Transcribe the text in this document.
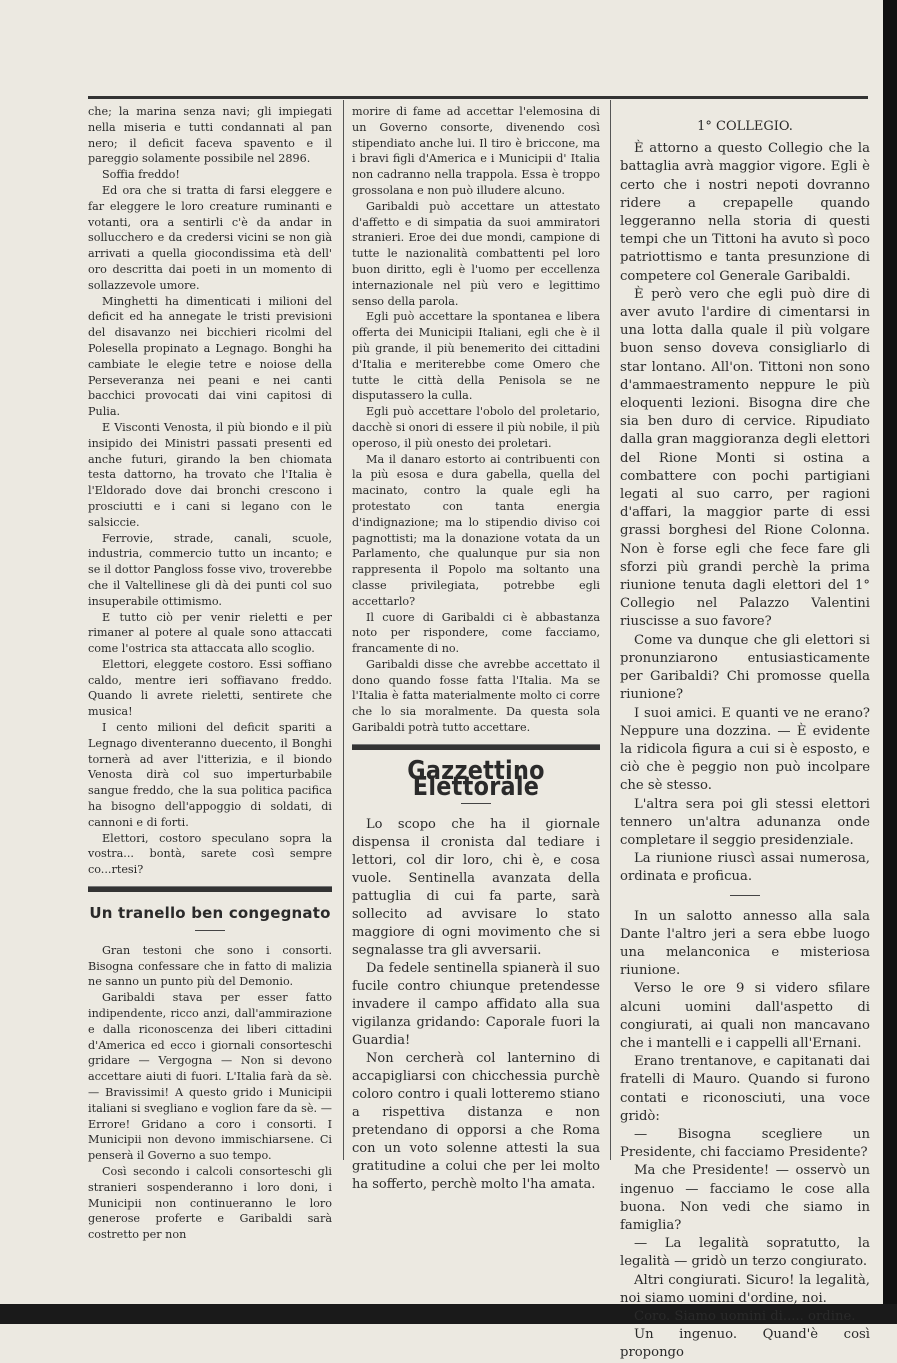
che; la marina senza navi; gli impiegati nella miseria e tutti condannati al pan nero; il deficit faceva spavento e il pareggio solamente possibile nel 2896.

Soffia freddo!

Ed ora che si tratta di farsi eleggere e far eleggere le loro creature ruminanti e votanti, ora a sentirli c'è da andar in sollucchero e da credersi vicini se non già arrivati a quella giocondissima età dell' oro descritta dai poeti in un momento di sollazzevole umore.

Minghetti ha dimenticati i milioni del deficit ed ha annegate le tristi previsioni del disavanzo nei bicchieri ricolmi del Polesella propinato a Legnago. Bonghi ha cambiate le elegie tetre e noiose della Perseveranza nei peani e nei canti bacchici provocati dai vini capitosi di Pulia.

E Visconti Venosta, il più biondo e il più insipido dei Ministri passati presenti ed anche futuri, girando la ben chiomata testa dattorno, ha trovato che l'Italia è l'Eldorado dove dai bronchi crescono i prosciutti e i cani si legano con le salsiccie.

Ferrovie, strade, canali, scuole, industria, commercio tutto un incanto; e se il dottor Pangloss fosse vivo, troverebbe che il Valtellinese gli dà dei punti col suo insuperabile ottimismo.

E tutto ciò per venir rieletti e per rimaner al potere al quale sono attaccati come l'ostrica sta attaccata allo scoglio.

Elettori, eleggete costoro. Essi soffiano caldo, mentre ieri soffiavano freddo. Quando li avrete rieletti, sentirete che musica!

I cento milioni del deficit spariti a Legnago diventeranno duecento, il Bonghi tornerà ad aver l'itterizia, e il biondo Venosta dirà col suo imperturbabile sangue freddo, che la sua politica pacifica ha bisogno dell'appoggio di soldati, di cannoni e di forti.

Elettori, costoro speculano sopra la vostra... bontà, sarete così sempre co...rtesi?

Un tranello ben congegnato

Gran testoni che sono i consorti. Bisogna confessare che in fatto di malizia ne sanno un punto più del Demonio.

Garibaldi stava per esser fatto indipendente, ricco anzi, dall'ammirazione e dalla riconoscenza dei liberi cittadini d'America ed ecco i giornali consorteschi gridare — Vergogna — Non si devono accettare aiuti di fuori. L'Italia farà da sè. — Bravissimi! A questo grido i Municipii italiani si svegliano e voglion fare da sè. — Errore! Gridano a coro i consorti. I Municipii non devono immischiarsene. Ci penserà il Governo a suo tempo.

Così secondo i calcoli consorteschi gli stranieri sospenderanno i loro doni, i Municipii non continueranno le loro generose proferte e Garibaldi sarà costretto per non

morire di fame ad accettar l'elemosina di un Governo consorte, divenendo così stipendiato anche lui. Il tiro è briccone, ma i bravi figli d'America e i Municipii d' Italia non cadranno nella trappola. Essa è troppo grossolana e non può illudere alcuno.

Garibaldi può accettare un attestato d'affetto e di simpatia da suoi ammiratori stranieri. Eroe dei due mondi, campione di tutte le nazionalità combattenti pel loro buon diritto, egli è l'uomo per eccellenza internazionale nel più vero e legittimo senso della parola.

Egli può accettare la spontanea e libera offerta dei Municipii Italiani, egli che è il più grande, il più benemerito dei cittadini d'Italia e meriterebbe come Omero che tutte le città della Penisola se ne disputassero la culla.

Egli può accettare l'obolo del proletario, dacchè si onori di essere il più nobile, il più operoso, il più onesto dei proletari.

Ma il danaro estorto ai contribuenti con la più esosa e dura gabella, quella del macinato, contro la quale egli ha protestato con tanta energia d'indignazione; ma lo stipendio diviso coi pagnottisti; ma la donazione votata da un Parlamento, che qualunque pur sia non rappresenta il Popolo ma soltanto una classe privilegiata, potrebbe egli accettarlo?

Il cuore di Garibaldi ci è abbastanza noto per rispondere, come facciamo, francamente di no.

Garibaldi disse che avrebbe accettato il dono quando fosse fatta l'Italia. Ma se l'Italia è fatta materialmente molto ci corre che lo sia moralmente. Da questa sola Garibaldi potrà tutto accettare.

Gazzettino Elettorale

Lo scopo che ha il giornale dispensa il cronista dal tediare i lettori, col dir loro, chi è, e cosa vuole. Sentinella avanzata della pattuglia di cui fa parte, sarà sollecito ad avvisare lo stato maggiore di ogni movimento che si segnalasse tra gli avversarii.

Da fedele sentinella spianerà il suo fucile contro chiunque pretendesse invadere il campo affidato alla sua vigilanza gridando: Caporale fuori la Guardia!

Non cercherà col lanternino di accapigliarsi con chicchessia purchè coloro contro i quali lotteremo stiano a rispettiva distanza e non pretendano di opporsi a che Roma con un voto solenne attesti la sua gratitudine a colui che per lei molto ha sofferto, perchè molto l'ha amata.

1° COLLEGIO.

È attorno a questo Collegio che la battaglia avrà maggior vigore. Egli è certo che i nostri nepoti dovranno ridere a crepapelle quando leggeranno nella storia di questi tempi che un Tittoni ha avuto sì poco patriottismo e tanta presunzione di competere col Generale Garibaldi.

È però vero che egli può dire di aver avuto l'ardire di cimentarsi in una lotta dalla quale il più volgare buon senso doveva consigliarlo di star lontano. All'on. Tittoni non sono d'ammaestramento neppure le più eloquenti lezioni. Bisogna dire che sia ben duro di cervice. Ripudiato dalla gran maggioranza degli elettori del Rione Monti si ostina a combattere con pochi partigiani legati al suo carro, per ragioni d'affari, la maggior parte di essi grassi borghesi del Rione Colonna. Non è forse egli che fece fare gli sforzi più grandi perchè la prima riunione tenuta dagli elettori del 1° Collegio nel Palazzo Valentini riuscisse a suo favore?

Come va dunque che gli elettori si pronunziarono entusiasticamente per Garibaldi? Chi promosse quella riunione?

I suoi amici. E quanti ve ne erano? Neppure una dozzina. — È evidente la ridicola figura a cui si è esposto, e ciò che è peggio non può incolpare che sè stesso.

L'altra sera poi gli stessi elettori tennero un'altra adunanza onde completare il seggio presidenziale.

La riunione riuscì assai numerosa, ordinata e proficua.

In un salotto annesso alla sala Dante l'altro jeri a sera ebbe luogo una melanconica e misteriosa riunione.

Verso le ore 9 si videro sfilare alcuni uomini dall'aspetto di congiurati, ai quali non mancavano che i mantelli e i cappelli all'Ernani.

Erano trentanove, e capitanati dai fratelli di Mauro. Quando si furono contati e riconosciuti, una voce gridò:

— Bisogna scegliere un Presidente, chi facciamo Presidente?

Ma che Presidente! — osservò un ingenuo — facciamo le cose alla buona. Non vedi che siamo in famiglia?

— La legalità sopratutto, la legalità — gridò un terzo congiurato.

Altri congiurati. Sicuro! la legalità, noi siamo uomini d'ordine, noi.

Coro. Siamo uomini di..... ordine.

Un ingenuo. Quand'è così propongo
